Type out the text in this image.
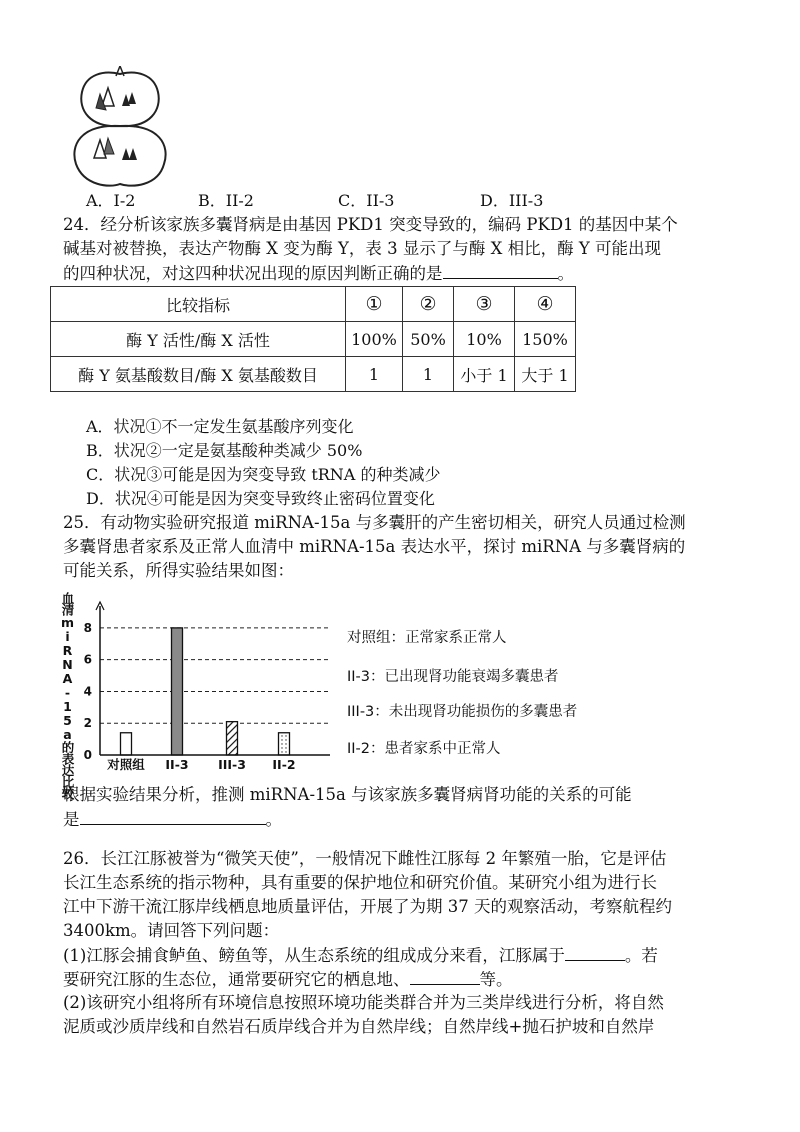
A．I-2	B．II-2	C．II-3	D．III-3
24．经分析该家族多囊肾病是由基因 PKD1 突变导致的，编码 PKD1 的基因中某个
碱基对被替换，表达产物酶 X 变为酶 Y，表 3 显示了与酶 X 相比，酶 Y 可能出现
的四种状况，对这四种状况出现的原因判断正确的是	。
比较指标	①	②	③	④
酶 Y 活性/酶 X 活性	100%	50%	10%	150%
酶 Y 氨基酸数目/酶 X 氨基酸数目	1	1	小于 1	大于 1
A．状况①不一定发生氨基酸序列变化
B．状况②一定是氨基酸种类减少 50%
C．状况③可能是因为突变导致 tRNA 的种类减少
D．状况④可能是因为突变导致终止密码位置变化
25．有动物实验研究报道 miRNA-15a 与多囊肝的产生密切相关，研究人员通过检测
多囊肾患者家系及正常人血清中 miRNA-15a 表达水平，探讨 miRNA 与多囊肾病的
可能关系，所得实验结果如图：
0
2
4
6
8
对照组 II-3 III-3 II-2
血清miRNA-15a的表达比较	对照组：正常家系正常人
II-3：已出现肾功能衰竭多囊患者
III-3：未出现肾功能损伤的多囊患者
II-2：患者家系中正常人
根据实验结果分析，推测 miRNA-15a 与该家族多囊肾病肾功能的关系的可能
是	。
26．长江江豚被誉为“微笑天使”，一般情况下雌性江豚每 2 年繁殖一胎，它是评估
长江生态系统的指示物种，具有重要的保护地位和研究价值。某研究小组为进行长
江中下游干流江豚岸线栖息地质量评估，开展了为期 37 天的观察活动，考察航程约
3400km。请回答下列问题：
(1)江豚会捕食鲈鱼、鳑鱼等，从生态系统的组成成分来看，江豚属于	。若
要研究江豚的生态位，通常要研究它的栖息地、	等。
(2)该研究小组将所有环境信息按照环境功能类群合并为三类岸线进行分析，将自然
泥质或沙质岸线和自然岩石质岸线合并为自然岸线；自然岸线+抛石护坡和自然岸
